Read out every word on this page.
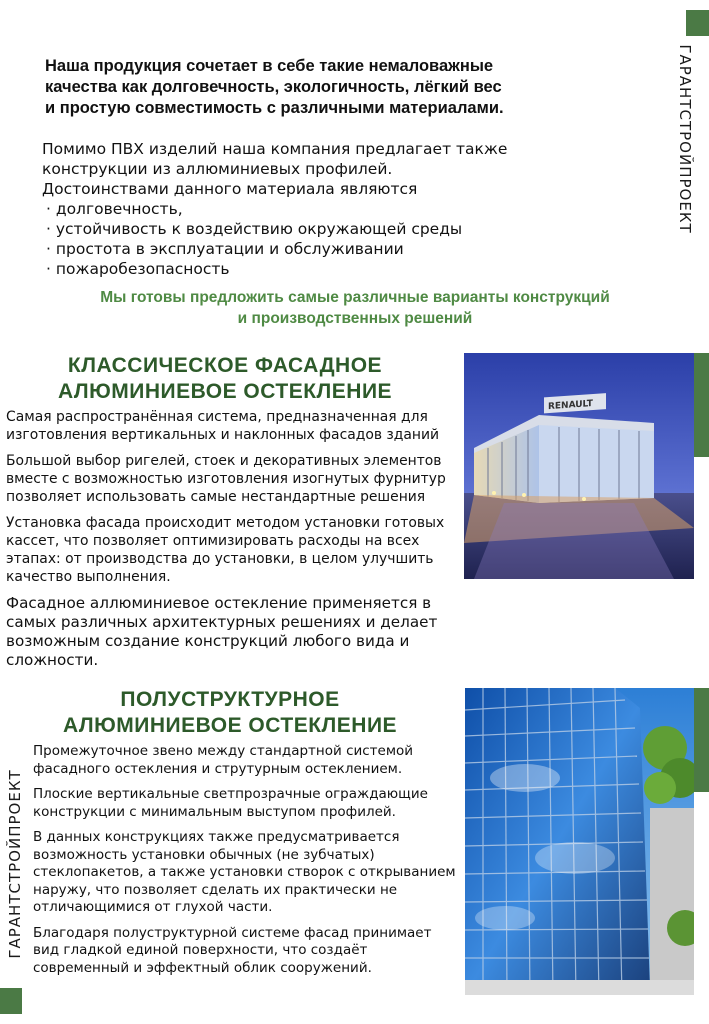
ГАРАНТСТРОЙПРОЕКТ
ГАРАНТСТРОЙПРОЕКТ
Наша продукция сочетает в себе такие немаловажные
качества как долговечность, экологичность, лёгкий вес
и простую совместимость с различными материалами.
Помимо ПВХ изделий наша компания предлагает также
конструкции из аллюминиевых профилей.
Достоинствами данного материала являются
· долговечность,
· устойчивость к воздействию окружающей среды
· простота в эксплуатации и обслуживании
· пожаробезопасность
Мы готовы предложить самые различные варианты конструкций
и производственных решений
КЛАССИЧЕСКОЕ ФАСАДНОЕ
АЛЮМИНИЕВОЕ ОСТЕКЛЕНИЕ

Самая распространённая система, предназначенная для изготовления вертикальных и наклонных фасадов зданий

Большой выбор ригелей, стоек и декоративных элементов вместе с возможностью изготовления изогнутых фурнитур позволяет использовать самые нестандартные решения

Установка фасада происходит методом установки готовых кассет, что позволяет оптимизировать расходы на всех этапах: от производства до установки, в целом улучшить качество выполнения.

Фасадное аллюминиевое остекление применяется в самых различных архитектурных решениях и делает возможным создание конструкций любого вида и сложности.

RENAULT
ПОЛУСТРУКТУРНОЕ
АЛЮМИНИЕВОЕ ОСТЕКЛЕНИЕ

Промежуточное звено между стандартной системой фасадного остекления и струтурным остеклением.

Плоские вертикальные светпрозрачные ограждающие конструкции с минимальным выступом профилей.

В данных конструкциях также предусматривается возможность установки обычных (не зубчатых) стеклопакетов, а также установки створок с открыванием наружу, что позволяет сделать их практически не отличающимися от глухой части.

Благодаря полуструктурной системе фасад принимает вид гладкой единой поверхности, что создаёт современный и эффектный облик сооружений.
